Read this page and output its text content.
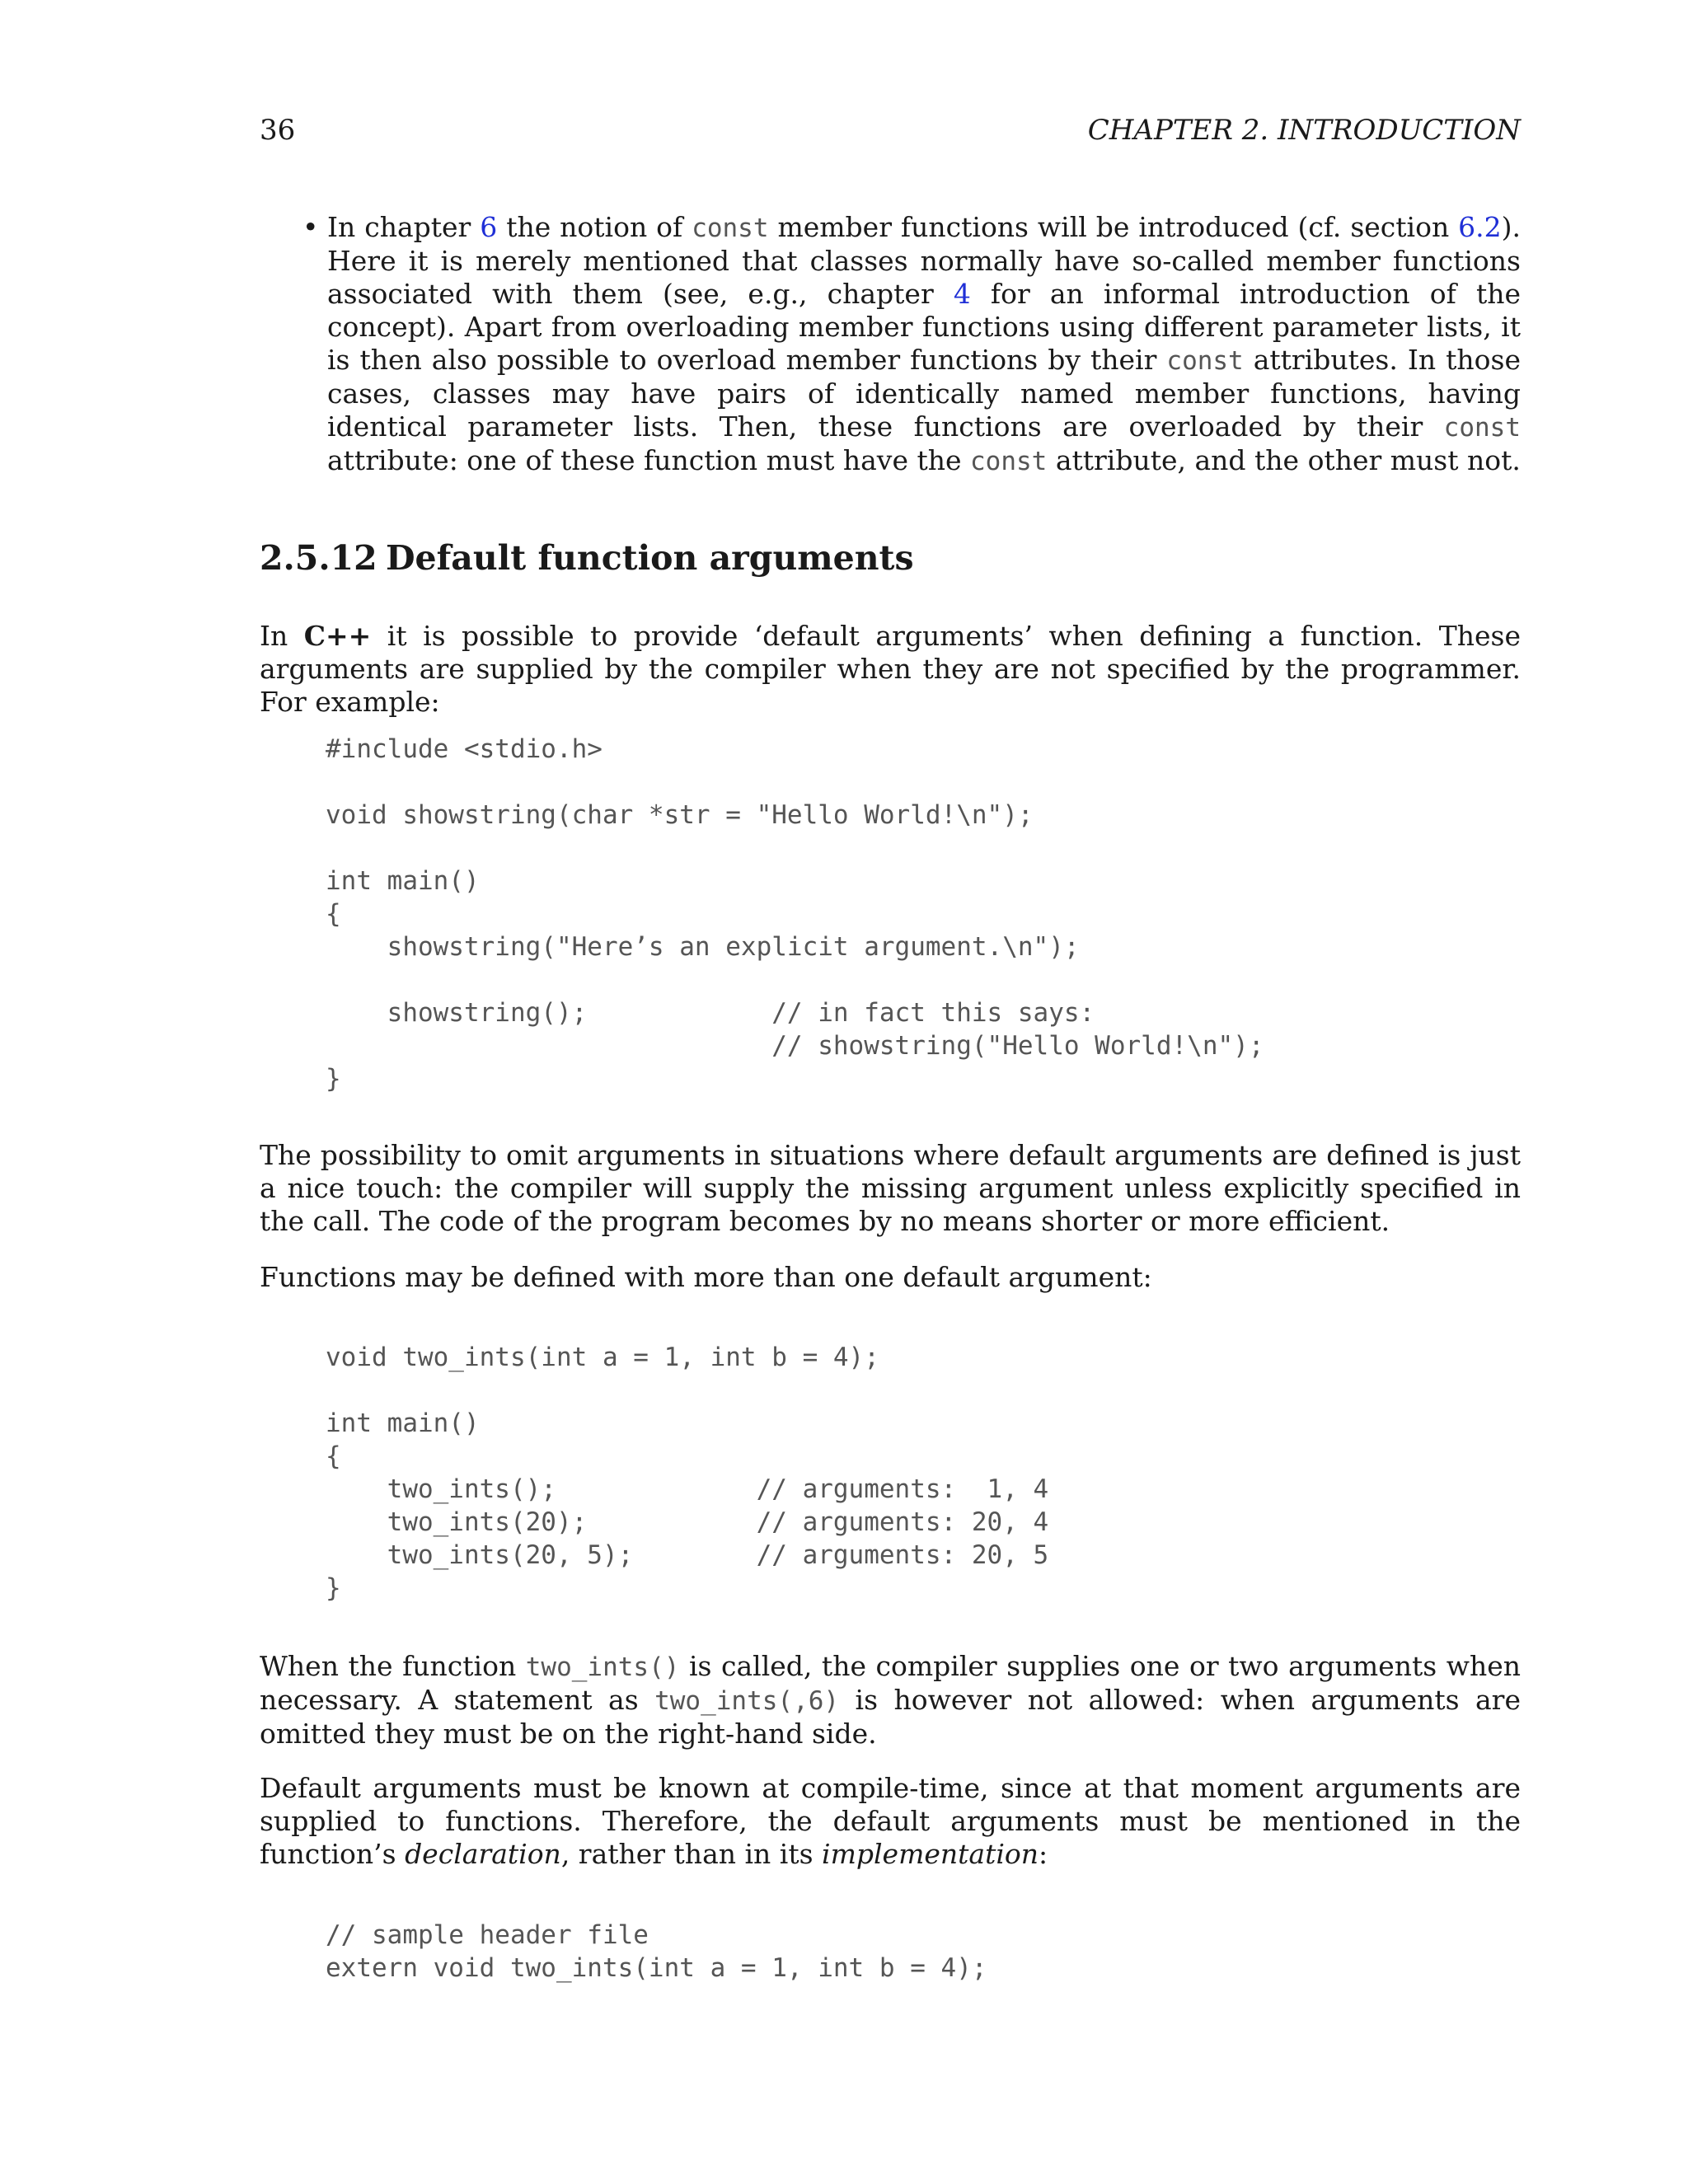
36	CHAPTER 2. INTRODUCTION
• In chapter 6 the notion of const member functions will be introduced (cf. section 6.2). Here it is merely mentioned that classes normally have so-called member functions associated with them (see, e.g., chapter 4 for an informal introduction of the concept). Apart from overloading member functions using different parameter lists, it is then also possible to overload member functions by their const attributes. In those cases, classes may have pairs of identically named member functions, having identical parameter lists. Then, these functions are overloaded by their const attribute: one of these function must have the const attribute, and the other must not.
2.5.12 Default function arguments
In C++ it is possible to provide ‘default arguments’ when defining a function. These arguments are supplied by the compiler when they are not specified by the programmer. For example:
#include <stdio.h>

void showstring(char *str = "Hello World!\n");

int main()
{
showstring("Here’s an explicit argument.\n");

showstring();            // in fact this says:
// showstring("Hello World!\n");
}
The possibility to omit arguments in situations where default arguments are defined is just a nice touch: the compiler will supply the missing argument unless explicitly specified in the call. The code of the program becomes by no means shorter or more efficient.
Functions may be defined with more than one default argument:
void two_ints(int a = 1, int b = 4);

int main()
{
two_ints();             // arguments:  1, 4
two_ints(20);           // arguments: 20, 4
two_ints(20, 5);        // arguments: 20, 5
}
When the function two_ints() is called, the compiler supplies one or two arguments when necessary. A statement as two_ints(,6) is however not allowed: when arguments are omitted they must be on the right-hand side.
Default arguments must be known at compile-time, since at that moment arguments are supplied to functions. Therefore, the default arguments must be mentioned in the function’s declaration, rather than in its implementation:
// sample header file
extern void two_ints(int a = 1, int b = 4);
